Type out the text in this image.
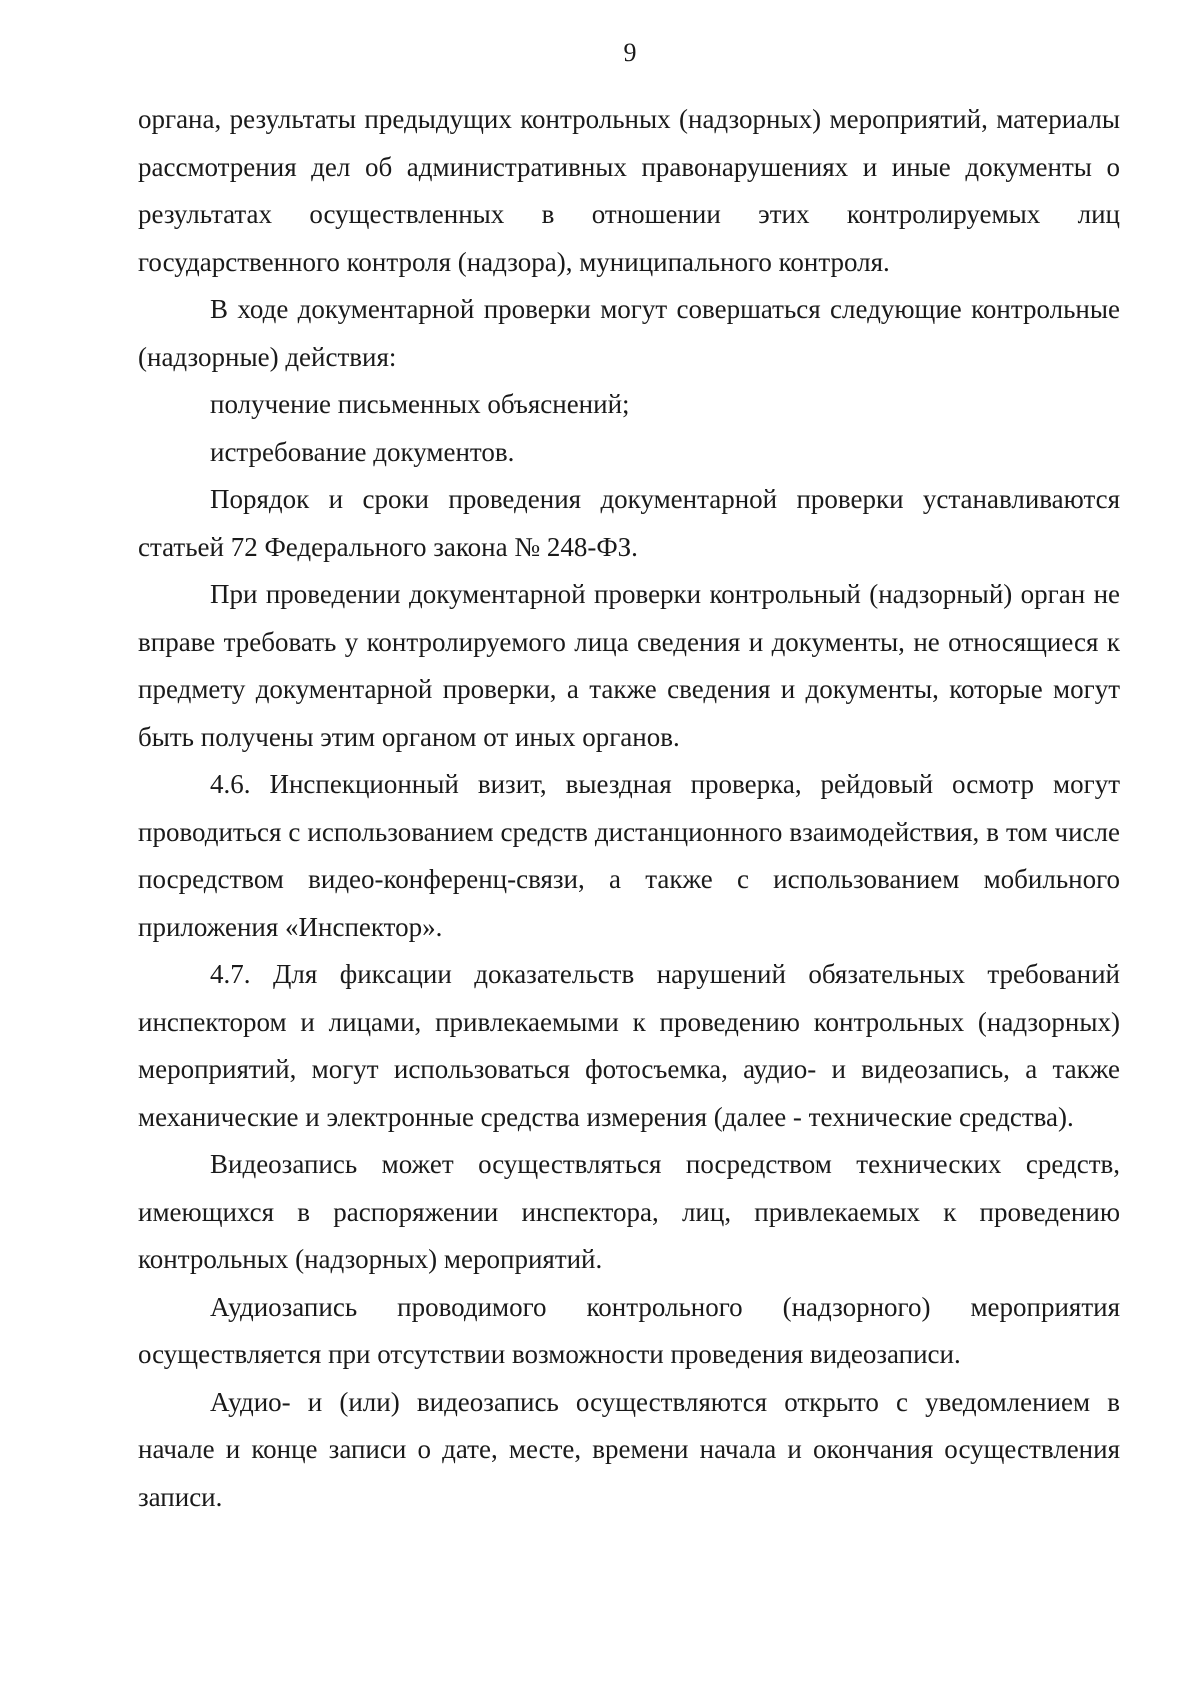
9

органа, результаты предыдущих контрольных (надзорных) мероприятий, материалы рассмотрения дел об административных правонарушениях и иные документы о результатах осуществленных в отношении этих контролируемых лиц государственного контроля (надзора), муниципального контроля.

В ходе документарной проверки могут совершаться следующие контрольные (надзорные) действия:

получение письменных объяснений;

истребование документов.

Порядок и сроки проведения документарной проверки устанавливаются статьей 72 Федерального закона № 248-ФЗ.

При проведении документарной проверки контрольный (надзорный) орган не вправе требовать у контролируемого лица сведения и документы, не относящиеся к предмету документарной проверки, а также сведения и документы, которые могут быть получены этим органом от иных органов.

4.6. Инспекционный визит, выездная проверка, рейдовый осмотр могут проводиться с использованием средств дистанционного взаимодействия, в том числе посредством видео-конференц-связи, а также с использованием мобильного приложения «Инспектор».

4.7. Для фиксации доказательств нарушений обязательных требований инспектором и лицами, привлекаемыми к проведению контрольных (надзорных) мероприятий, могут использоваться фотосъемка, аудио- и видеозапись, а также механические и электронные средства измерения (далее - технические средства).

Видеозапись может осуществляться посредством технических средств, имеющихся в распоряжении инспектора, лиц, привлекаемых к проведению контрольных (надзорных) мероприятий.

Аудиозапись проводимого контрольного (надзорного) мероприятия осуществляется при отсутствии возможности проведения видеозаписи.

Аудио- и (или) видеозапись осуществляются открыто с уведомлением в начале и конце записи о дате, месте, времени начала и окончания осуществления записи.
